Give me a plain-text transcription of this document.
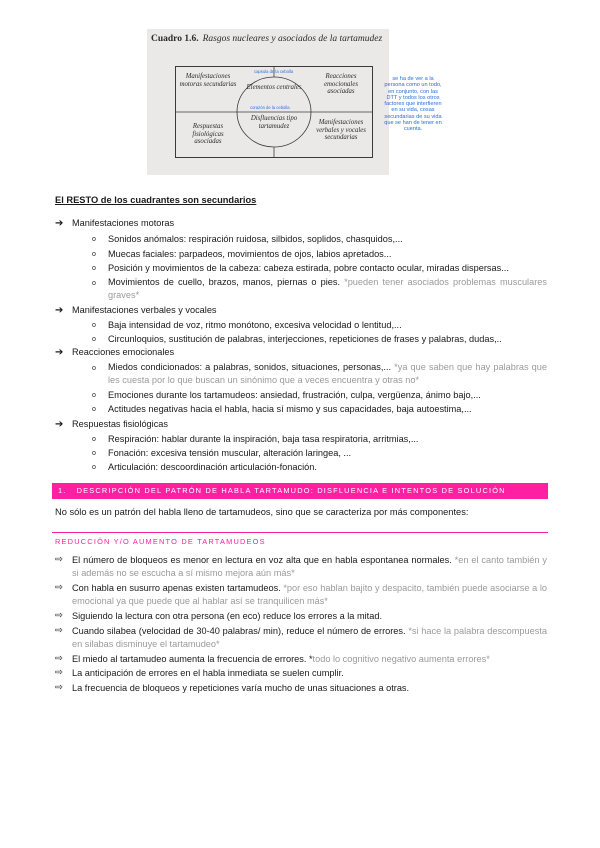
Cuadro 1.6. Rasgos nucleares y asociados de la tartamudez
Manifestaciones motoras secundarias
Reacciones emocionales asociadas
Elementos centrales
Disfluencias tipo tartamudez
Respuestas fisiológicas asociadas
Manifestaciones verbales y vocales secundarias
capsula de la cebolla
corazón de la cebolla
se ha de ver a la persona como un todo, en conjunto, con las DTT y todos los otros factores que interfieren en su vida, cosas secundarias de su vida que se han de tener en cuenta.
El RESTO de los cuadrantes son secundarios
➔ Manifestaciones motoras
o Sonidos anómalos: respiración ruidosa, silbidos, soplidos, chasquidos,...
o Muecas faciales: parpadeos, movimientos de ojos, labios apretados...
o Posición y movimientos de la cabeza: cabeza estirada, pobre contacto ocular, miradas dispersas...
o Movimientos de cuello, brazos, manos, piernas o pies. *pueden tener asociados problemas musculares graves*
➔ Manifestaciones verbales y vocales
o Baja intensidad de voz, ritmo monótono, excesiva velocidad o lentitud,...
o Circunloquios, sustitución de palabras, interjecciones, repeticiones de frases y palabras, dudas,..
➔ Reacciones emocionales
o Miedos condicionados: a palabras, sonidos, situaciones, personas,... *ya que saben que hay palabras que les cuesta por lo que buscan un sinónimo que a veces encuentra y otras no*
o Emociones durante los tartamudeos: ansiedad, frustración, culpa, vergüenza, ánimo bajo,...
o Actitudes negativas hacia el habla, hacia sí mismo y sus capacidades, baja autoestima,...
➔ Respuestas fisiológicas
o Respiración: hablar durante la inspiración, baja tasa respiratoria, arritmias,...
o Fonación: excesiva tensión muscular, alteración laringea, ...
o Articulación: descoordinación articulación-fonación.
1. DESCRIPCIÓN DEL PATRÓN DE HABLA TARTAMUDO: DISFLUENCIA E INTENTOS DE SOLUCIÓN
No sólo es un patrón del habla lleno de tartamudeos, sino que se caracteriza por más componentes:
REDUCCIÓN Y/O AUMENTO DE TARTAMUDEOS
⇨ El número de bloqueos es menor en lectura en voz alta que en habla espontanea normales. *en el canto también y si además no se escucha a sí mismo mejora aún más*
⇨ Con habla en susurro apenas existen tartamudeos. *por eso hablan bajito y despacito, también puede asociarse a lo emocional ya que puede que al hablar así se tranquilicen más*
⇨ Siguiendo la lectura con otra persona (en eco) reduce los errores a la mitad.
⇨ Cuando silabea (velocidad de 30-40 palabras/ min), reduce el número de errores. *si hace la palabra descompuesta en silabas disminuye el tartamudeo*
⇨ El miedo al tartamudeo aumenta la frecuencia de errores. *todo lo cognitivo negativo aumenta errores*
⇨ La anticipación de errores en el habla inmediata se suelen cumplir.
⇨ La frecuencia de bloqueos y repeticiones varía mucho de unas situaciones a otras.
